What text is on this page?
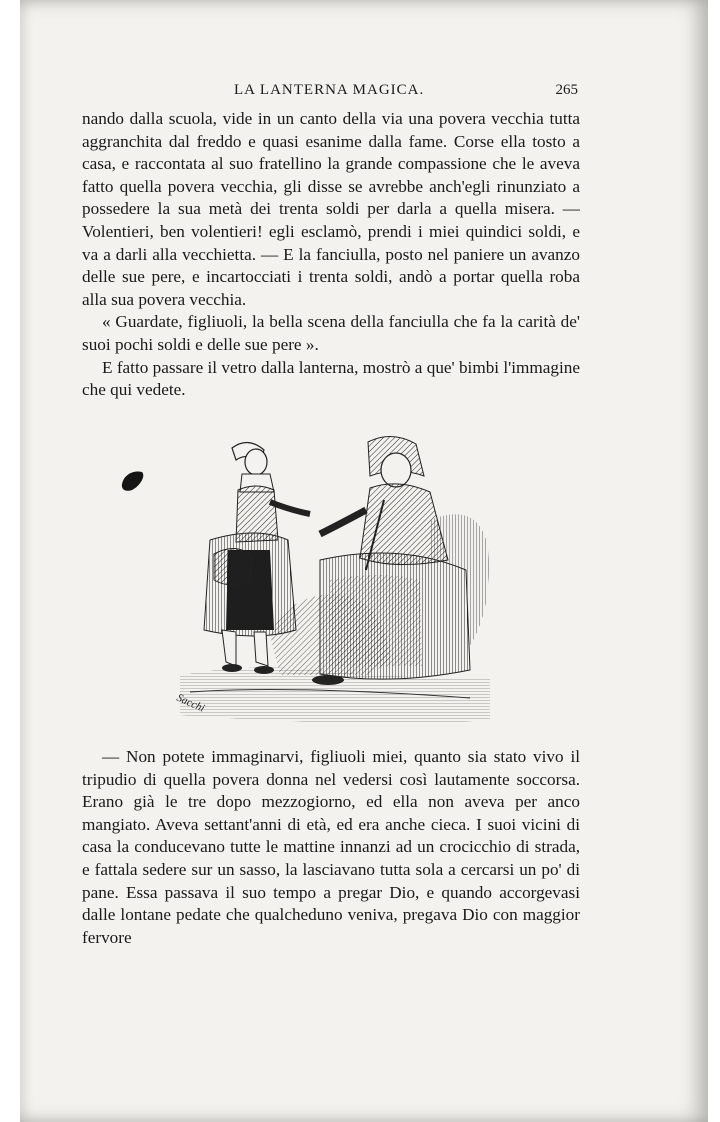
LA LANTERNA MAGICA.	265

nando dalla scuola, vide in un canto della via una povera vecchia tutta aggranchita dal freddo e quasi esanime dalla fame. Corse ella tosto a casa, e raccontata al suo fratellino la grande compassione che le aveva fatto quella povera vecchia, gli disse se avrebbe anch'egli rinunziato a possedere la sua metà dei trenta soldi per darla a quella misera. — Volentieri, ben volentieri! egli esclamò, prendi i miei quindici soldi, e va a darli alla vecchietta. — E la fanciulla, posto nel paniere un avanzo delle sue pere, e incartocciati i trenta soldi, andò a portar quella roba alla sua povera vecchia.

« Guardate, figliuoli, la bella scena della fanciulla che fa la carità de' suoi pochi soldi e delle sue pere ».

E fatto passare il vetro dalla lanterna, mostrò a que' bimbi l'immagine che qui vedete.

Sacchi

— Non potete immaginarvi, figliuoli miei, quanto sia stato vivo il tripudio di quella povera donna nel vedersi così lautamente soccorsa. Erano già le tre dopo mezzogiorno, ed ella non aveva per anco mangiato. Aveva settant'anni di età, ed era anche cieca. I suoi vicini di casa la conducevano tutte le mattine innanzi ad un crocicchio di strada, e fattala sedere sur un sasso, la lasciavano tutta sola a cercarsi un po' di pane. Essa passava il suo tempo a pregar Dio, e quando accorgevasi dalle lontane pedate che qualcheduno veniva, pregava Dio con maggior fervore
